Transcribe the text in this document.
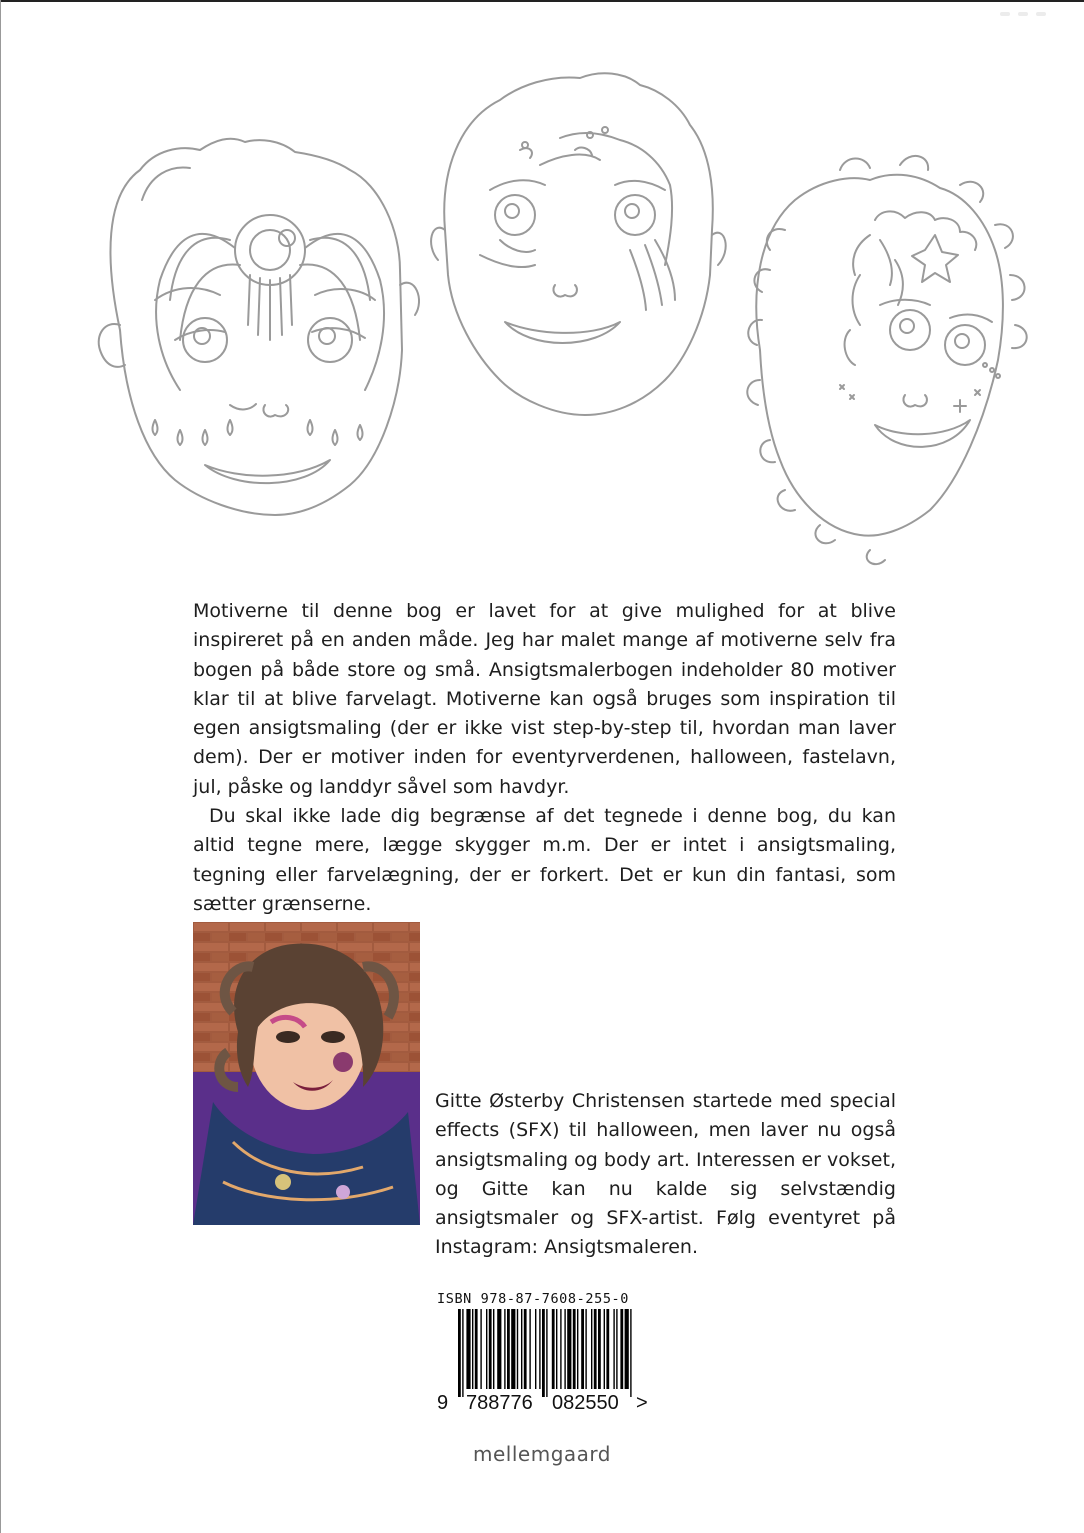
Motiverne til denne bog er lavet for at give mulighed for at blive inspireret på en anden måde. Jeg har malet mange af motiverne selv fra bogen på både store og små. Ansigtsmalerbogen indeholder 80 motiver klar til at blive farvelagt. Motiverne kan også bruges som inspiration til egen ansigtsmaling (der er ikke vist step-by-step til, hvordan man laver dem). Der er motiver inden for eventyrverdenen, halloween, fastelavn, jul, påske og landdyr såvel som havdyr.

Du skal ikke lade dig begrænse af det tegnede i denne bog, du kan altid tegne mere, lægge skygger m.m. Der er intet i ansigtsmaling, tegning eller farvelægning, der er forkert. Det er kun din fantasi, som sætter grænserne.

Gitte Østerby Christensen startede med special effects (SFX) til halloween, men laver nu også ansigtsmaling og body art. Interessen er vokset, og Gitte kan nu kalde sig selvstændig ansigtsmaler og SFX-artist. Følg eventyret på Instagram: Ansigtsmaleren.
ISBN 978-87-7608-255-0
9 788776 082550 >
mellemgaard
